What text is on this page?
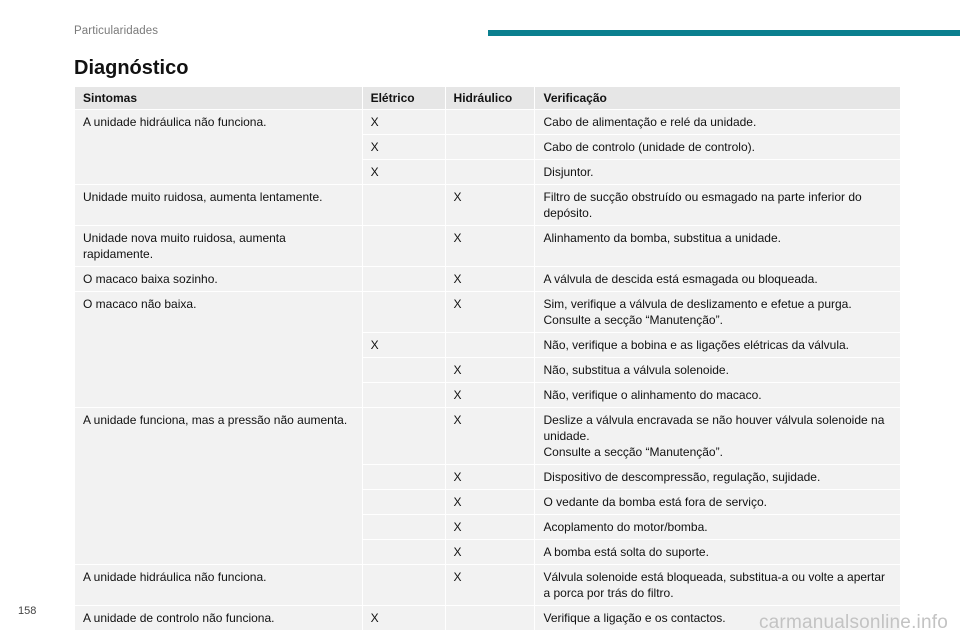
Particularidades
Diagnóstico
Sintomas	Elétrico	Hidráulico	Verificação
A unidade hidráulica não funciona.	X		Cabo de alimentação e relé da unidade.

	X		Cabo de controlo (unidade de controlo).

	X		Disjuntor.

Unidade muito ruidosa, aumenta lentamente.		X	Filtro de sucção obstruído ou esmagado na parte inferior do depósito.

Unidade nova muito ruidosa, aumenta rapidamente.		X	Alinhamento da bomba, substitua a unidade.

O macaco baixa sozinho.		X	A válvula de descida está esmagada ou bloqueada.

O macaco não baixa.		X	Sim, verifique a válvula de deslizamento e efetue a purga.
Consulte a secção “Manutenção”.

	X		Não, verifique a bobina e as ligações elétricas da válvula.

		X	Não, substitua a válvula solenoide.

		X	Não, verifique o alinhamento do macaco.

A unidade funciona, mas a pressão não aumenta.		X	Deslize a válvula encravada se não houver válvula solenoide na unidade.
Consulte a secção “Manutenção”.

		X	Dispositivo de descompressão, regulação, sujidade.

		X	O vedante da bomba está fora de serviço.

		X	Acoplamento do motor/bomba.

		X	A bomba está solta do suporte.

A unidade hidráulica não funciona.		X	Válvula solenoide está bloqueada, substitua-a ou volte a apertar a porca por trás do filtro.

A unidade de controlo não funciona.	X		Verifique a ligação e os contactos.
158
carmanualsonline.info
